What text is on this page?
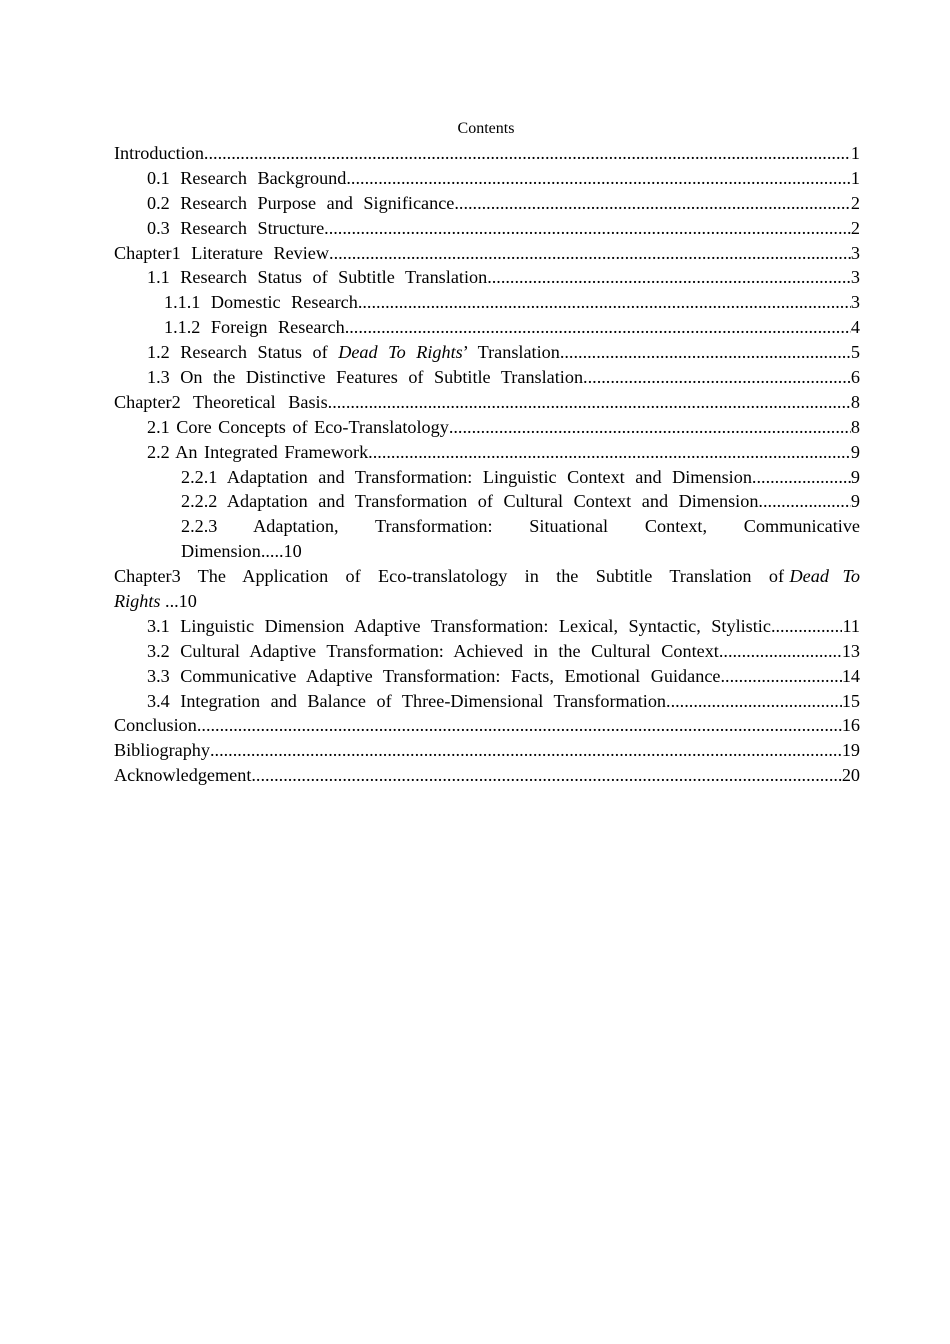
Contents
Introduction .....	1
0.1 Research Background .....	1
0.2 Research Purpose and Significance .....	2
0.3 Research Structure .....	2
Chapter1 Literature Review .....	3
1.1 Research Status of Subtitle Translation .....	3
1.1.1 Domestic Research .....	3
1.1.2 Foreign Research .....	4
1.2 Research Status of Dead To Rights’ Translation .....	5
1.3 On the Distinctive Features of Subtitle Translation .....	6
Chapter2 Theoretical Basis .....	8
2.1 Core Concepts of Eco-Translatology .....	8
2.2 An Integrated Framework .....	9
2.2.1 Adaptation and Transformation: Linguistic Context and Dimension .....	9
2.2.2 Adaptation and Transformation of Cultural Context and Dimension .....	9
2.2.3 Adaptation, Transformation: Situational Context, Communicative
Dimension.....10
Chapter3 The Application of Eco-translatology in the Subtitle Translation of Dead To
Rights ...10
3.1 Linguistic Dimension Adaptive Transformation: Lexical, Syntactic, Stylistic .....	11
3.2 Cultural Adaptive Transformation: Achieved in the Cultural Context .....	13
3.3 Communicative Adaptive Transformation: Facts, Emotional Guidance .....	14
3.4 Integration and Balance of Three-Dimensional Transformation .....	15
Conclusion .....	16
Bibliography .....	19
Acknowledgement .....	20
